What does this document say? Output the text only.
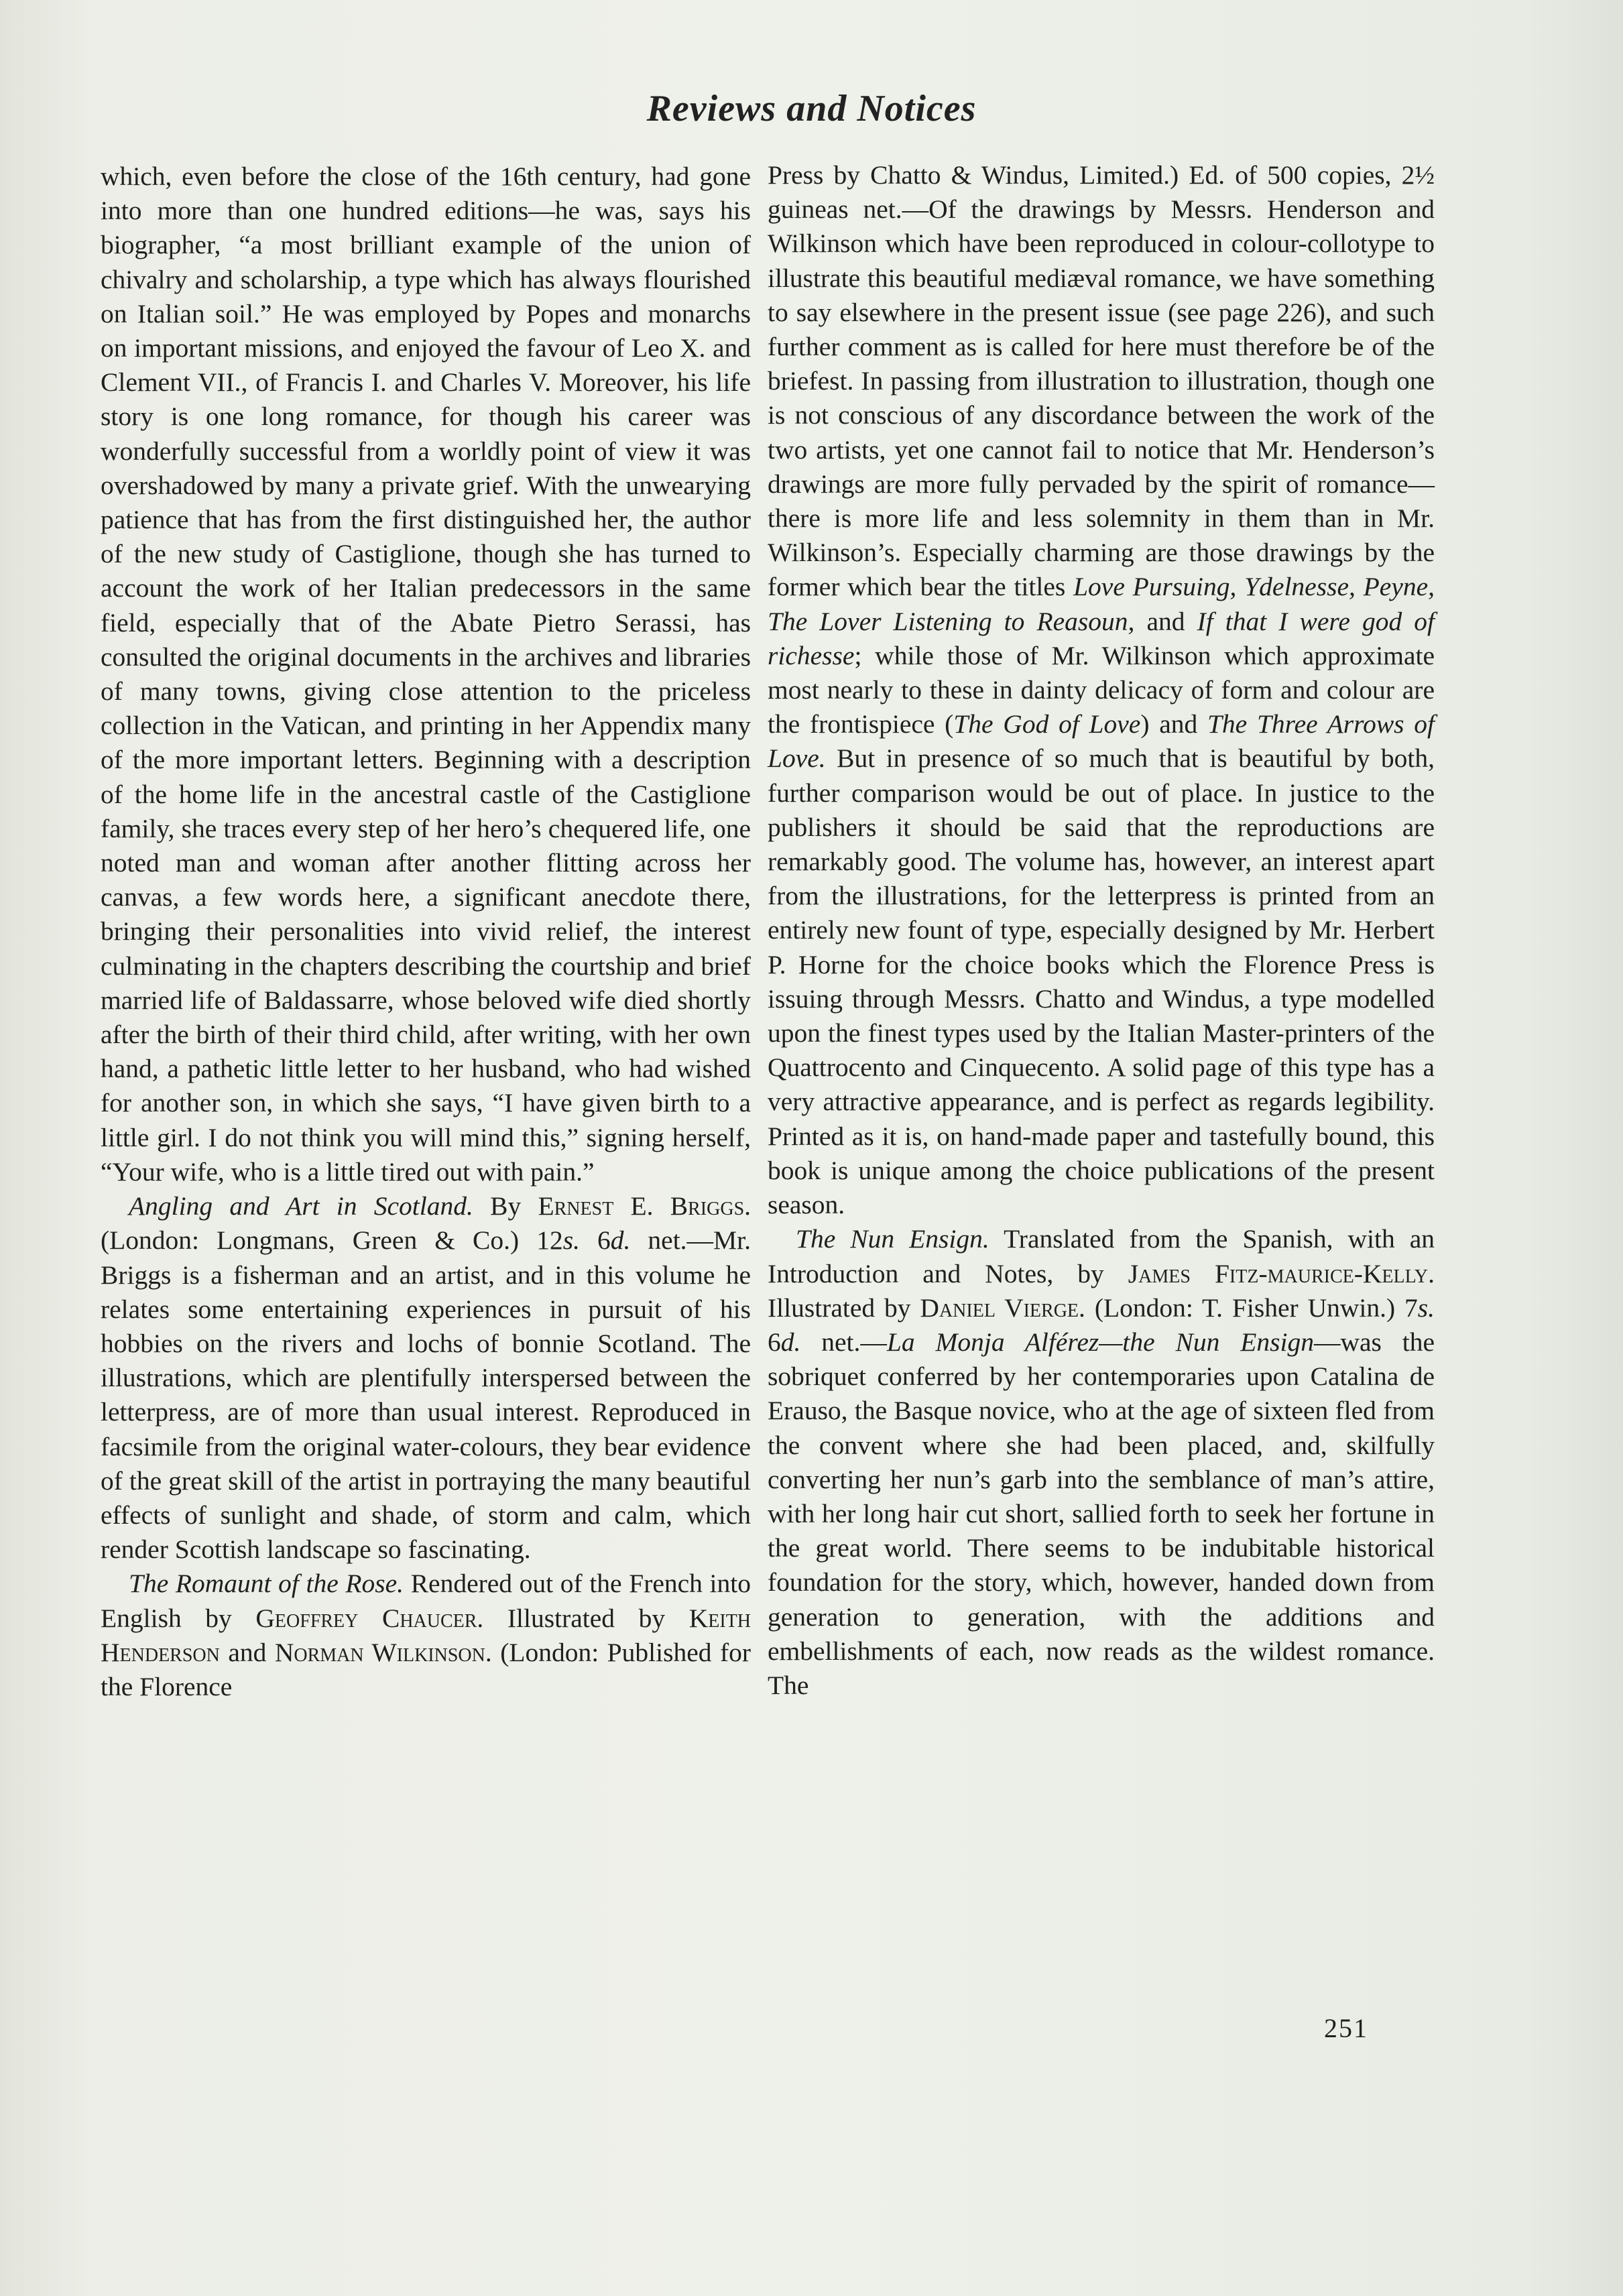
Reviews and Notices

which, even before the close of the 16th century, had gone into more than one hundred editions—he was, says his biographer, “a most brilliant example of the union of chivalry and scholarship, a type which has always flourished on Italian soil.” He was employed by Popes and monarchs on important missions, and enjoyed the favour of Leo X. and Clement VII., of Francis I. and Charles V. Moreover, his life story is one long romance, for though his career was wonderfully successful from a worldly point of view it was overshadowed by many a private grief. With the unwearying patience that has from the first distinguished her, the author of the new study of Castiglione, though she has turned to account the work of her Italian predecessors in the same field, especially that of the Abate Pietro Serassi, has consulted the original documents in the archives and libraries of many towns, giving close attention to the priceless collection in the Vatican, and printing in her Appendix many of the more important letters. Beginning with a description of the home life in the ancestral castle of the Castiglione family, she traces every step of her hero’s chequered life, one noted man and woman after another flitting across her canvas, a few words here, a significant anecdote there, bringing their personalities into vivid relief, the interest culminating in the chapters describing the courtship and brief married life of Baldassarre, whose beloved wife died shortly after the birth of their third child, after writing, with her own hand, a pathetic little letter to her husband, who had wished for another son, in which she says, “I have given birth to a little girl. I do not think you will mind this,” signing herself, “Your wife, who is a little tired out with pain.”

Angling and Art in Scotland. By Ernest E. Briggs. (London: Longmans, Green & Co.) 12s. 6d. net.—Mr. Briggs is a fisherman and an artist, and in this volume he relates some entertaining experiences in pursuit of his hobbies on the rivers and lochs of bonnie Scotland. The illustrations, which are plentifully interspersed between the letterpress, are of more than usual interest. Reproduced in facsimile from the original water-colours, they bear evidence of the great skill of the artist in portraying the many beautiful effects of sunlight and shade, of storm and calm, which render Scottish landscape so fascinating.

The Romaunt of the Rose. Rendered out of the French into English by Geoffrey Chaucer. Illustrated by Keith Henderson and Norman Wilkinson. (London: Published for the Florence

Press by Chatto & Windus, Limited.) Ed. of 500 copies, 2½ guineas net.—Of the drawings by Messrs. Henderson and Wilkinson which have been reproduced in colour-collotype to illustrate this beautiful mediæval romance, we have something to say elsewhere in the present issue (see page 226), and such further comment as is called for here must therefore be of the briefest. In passing from illustration to illustration, though one is not conscious of any discordance between the work of the two artists, yet one cannot fail to notice that Mr. Henderson’s drawings are more fully pervaded by the spirit of romance—there is more life and less solemnity in them than in Mr. Wilkinson’s. Especially charming are those drawings by the former which bear the titles Love Pursuing, Ydelnesse, Peyne, The Lover Listening to Reasoun, and If that I were god of richesse; while those of Mr. Wilkinson which approximate most nearly to these in dainty delicacy of form and colour are the frontispiece (The God of Love) and The Three Arrows of Love. But in presence of so much that is beautiful by both, further comparison would be out of place. In justice to the publishers it should be said that the reproductions are remarkably good. The volume has, however, an interest apart from the illustrations, for the letterpress is printed from an entirely new fount of type, especially designed by Mr. Herbert P. Horne for the choice books which the Florence Press is issuing through Messrs. Chatto and Windus, a type modelled upon the finest types used by the Italian Master-printers of the Quattrocento and Cinquecento. A solid page of this type has a very attractive appearance, and is perfect as regards legibility. Printed as it is, on hand-made paper and tastefully bound, this book is unique among the choice publications of the present season.

The Nun Ensign. Translated from the Spanish, with an Introduction and Notes, by James Fitz-maurice-Kelly. Illustrated by Daniel Vierge. (London: T. Fisher Unwin.) 7s. 6d. net.—La Monja Alférez—the Nun Ensign—was the sobriquet conferred by her contemporaries upon Catalina de Erauso, the Basque novice, who at the age of sixteen fled from the convent where she had been placed, and, skilfully converting her nun’s garb into the semblance of man’s attire, with her long hair cut short, sallied forth to seek her fortune in the great world. There seems to be indubitable historical foundation for the story, which, however, handed down from generation to generation, with the additions and embellishments of each, now reads as the wildest romance. The

251
